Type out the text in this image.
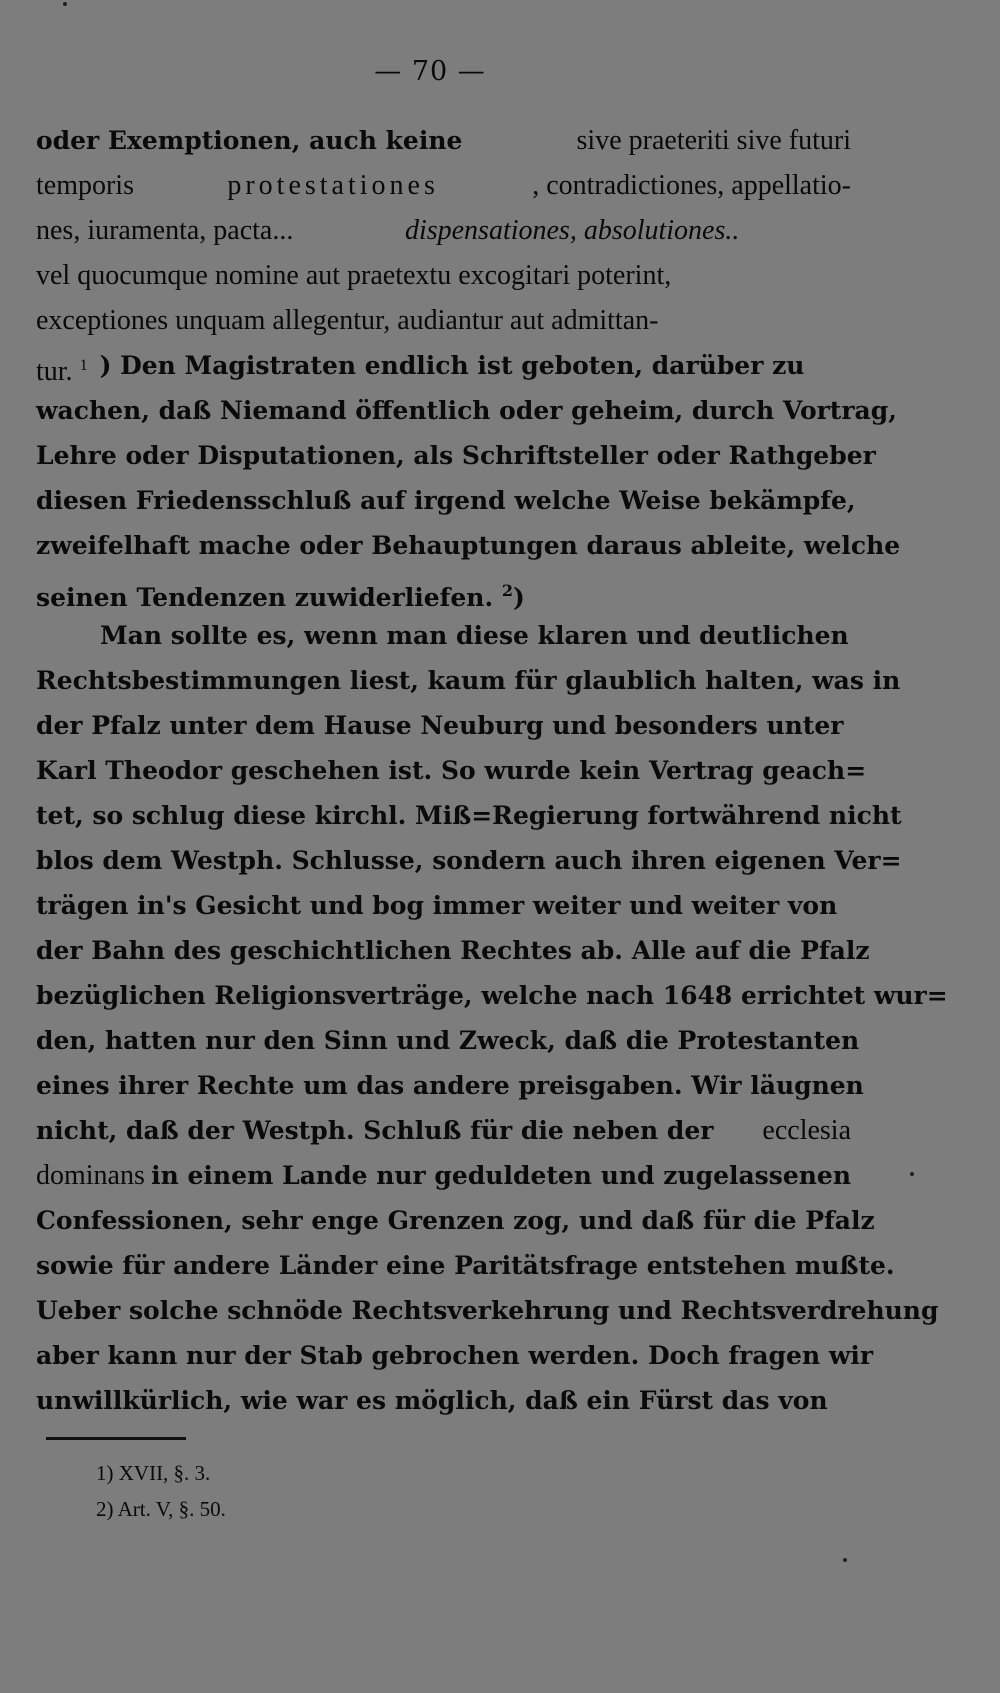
— 70 —
oder Exemptionen, auch keine	sive praeteriti sive futuri
temporis	protestationes	, contradictiones, appellatio-
nes, iuramenta, pacta...	dispensationes, absolutiones..
vel quocumque nomine aut praetextu excogitari poterint,
exceptiones unquam allegentur, audiantur aut admittan-
tur. $^1$ ) Den Magistraten endlich ist geboten, darüber zu
wachen, daß Niemand öffentlich oder geheim, durch Vortrag,
Lehre oder Disputationen, als Schriftsteller oder Rathgeber
diesen Friedensschluß auf irgend welche Weise bekämpfe,
zweifelhaft mache oder Behauptungen daraus ableite, welche
seinen Tendenzen zuwiderliefen. $^2$)
Man sollte es, wenn man diese klaren und deutlichen
Rechtsbestimmungen liest, kaum für glaublich halten, was in
der Pfalz unter dem Hause Neuburg und besonders unter
Karl Theodor geschehen ist. So wurde kein Vertrag geach=
tet, so schlug diese kirchl. Miß=Regierung fortwährend nicht
blos dem Westph. Schlusse, sondern auch ihren eigenen Ver=
trägen in's Gesicht und bog immer weiter und weiter von
der Bahn des geschichtlichen Rechtes ab. Alle auf die Pfalz
bezüglichen Religionsverträge, welche nach 1648 errichtet wur=
den, hatten nur den Sinn und Zweck, daß die Protestanten
eines ihrer Rechte um das andere preisgaben. Wir läugnen
nicht, daß der Westph. Schluß für die neben der ecclesia
dominans in einem Lande nur geduldeten und zugelassenen
Confessionen, sehr enge Grenzen zog, und daß für die Pfalz
sowie für andere Länder eine Paritätsfrage entstehen mußte.
Ueber solche schnöde Rechtsverkehrung und Rechtsverdrehung
aber kann nur der Stab gebrochen werden. Doch fragen wir
unwillkürlich, wie war es möglich, daß ein Fürst das von
1) XVII, §. 3.
2) Art. V, §. 50.
